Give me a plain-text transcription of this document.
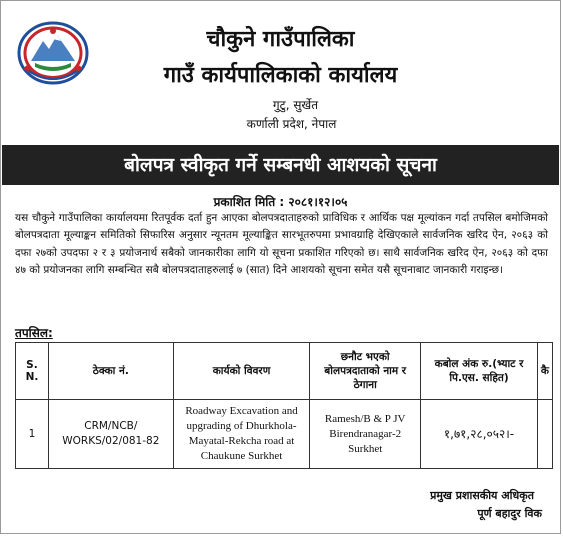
चौकुने गाउँपालिका
गाउँ कार्यपालिकाको कार्यालय
गुटु, सुर्खेत
कर्णाली प्रदेश, नेपाल
बोलपत्र स्वीकृत गर्ने सम्बनधी आशयको सूचना
प्रकाशित मिति : २०८१।१२।०५
यस चौकुने गाउँपालिका कार्यालयमा रितपूर्वक दर्ता हुन आएका बोलपत्रदाताहरुको प्राविधिक र आर्थिक पक्ष मूल्यांकन गर्दा तपसिल बमोजिमको बोलपत्रदाता मूल्याङ्कन समितिको सिफारिस अनुसार न्यूनतम मूल्याङ्कित सारभूतरुपमा प्रभावग्राहि देखिएकाले सार्वजनिक खरिद ऐन, २०६३ को दफा २७को उपदफा २ र ३ प्रयोजनार्थ सबैको जानकारीका लागि यो सूचना प्रकाशित गरिएको छ। साथै सार्वजनिक खरिद ऐन, २०६३ को दफा ४७ को प्रयोजनका लागि सम्बन्धित सबै बोलपत्रदाताहरुलाई ७ (सात) दिने आशयको सूचना समेत यसै सूचनाबाट जानकारी गराइन्छ।
तपसिल:
S. N.	ठेक्का नं.	कार्यको विवरण	छनौट भएको बोलपत्रदाताको नाम र ठेगाना	कबोल अंक रु.(भ्याट र पि.एस. सहित)	कै
1	CRM/NCB/ WORKS/02/081-82	Roadway Excavation and upgrading of Dhurkhola- Mayatal-Rekcha road at Chaukune Surkhet	Ramesh/B & P JV Birendranagar-2 Surkhet	१,७१,२८,०५२।-	
प्रमुख प्रशासकीय अधिकृत
पूर्ण बहादुर विक
